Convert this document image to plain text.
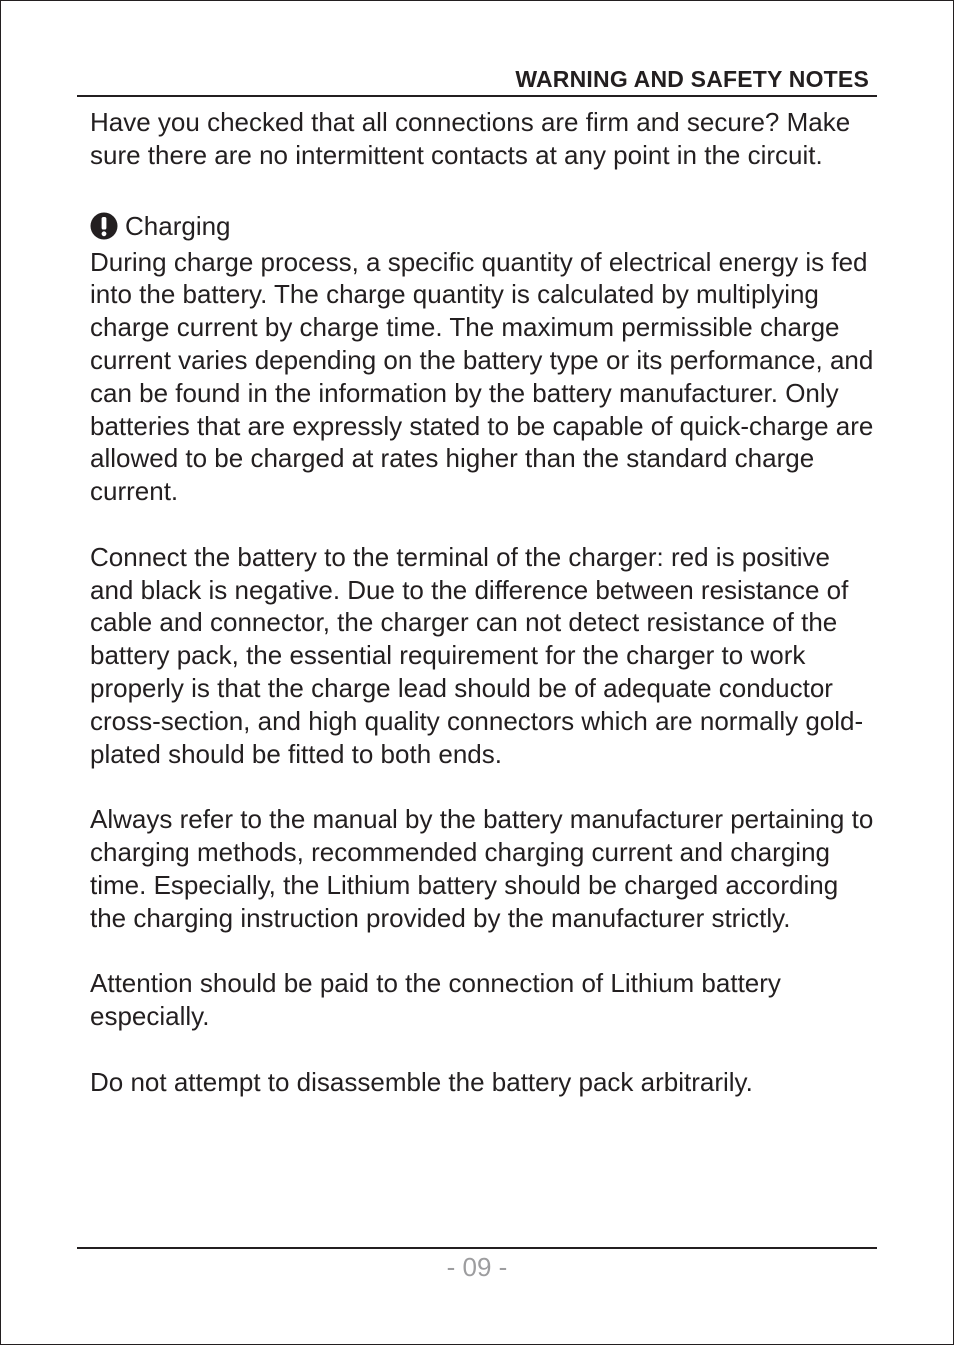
WARNING AND SAFETY NOTES

Have you checked that all connections are firm and secure? Make sure there are no intermittent contacts at any point in the circuit.

Charging

During charge process, a specific quantity of electrical energy is fed into the battery. The charge quantity is calculated by multiplying charge current by charge time. The maximum permissible charge current varies depending on the battery type or its performance, and can be found in the information by the battery manufacturer. Only batteries that are expressly stated to be capable of quick-charge are allowed to be charged at rates higher than the standard charge current.

Connect the battery to the terminal of the charger: red is positive and black is negative. Due to the difference between resistance of cable and connector, the charger can not detect resistance of the battery pack, the essential requirement for the charger to work properly is that the charge lead should be of adequate conductor cross-section, and high quality connectors which are normally gold-plated should be fitted to both ends.

Always refer to the manual by the battery manufacturer pertaining to charging methods, recommended charging current and charging time. Especially, the Lithium battery should be charged according the charging instruction provided by the manufacturer strictly.

Attention should be paid to the connection of Lithium battery especially.

Do not attempt to disassemble the battery pack arbitrarily.

- 09 -
